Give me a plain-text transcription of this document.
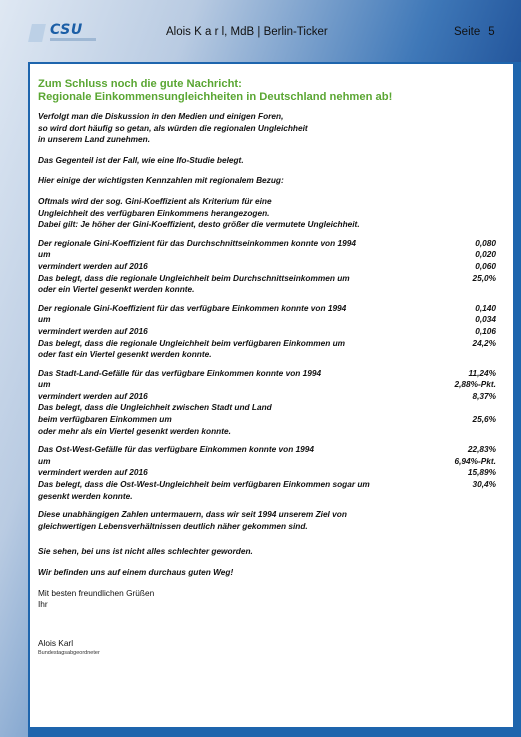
CSU	Alois K a r l, MdB | Berlin-Ticker	Seite 5
Zum Schluss noch die gute Nachricht:
Regionale Einkommensungleichheiten in Deutschland nehmen ab!

Verfolgt man die Diskussion in den Medien und einigen Foren,
so wird dort häufig so getan, als würden die regionalen Ungleichheit
in unserem Land zunehmen.

Das Gegenteil ist der Fall, wie eine Ifo-Studie belegt.

Hier einige der wichtigsten Kennzahlen mit regionalem Bezug:

Oftmals wird der sog. Gini-Koeffizient als Kriterium für eine
Ungleichheit des verfügbaren Einkommens herangezogen.
Dabei gilt: Je höher der Gini-Koeffizient, desto größer die vermutete Ungleichheit.

Der regionale Gini-Koeffizient für das Durchschnittseinkommen konnte von 1994	0,080
um	0,020
vermindert werden auf 2016	0,060
Das belegt, dass die regionale Ungleichheit beim Durchschnittseinkommen um	25,0%
oder ein Viertel gesenkt werden konnte.
Der regionale Gini-Koeffizient für das verfügbare Einkommen konnte von 1994	0,140
um	0,034
vermindert werden auf 2016	0,106
Das belegt, dass die regionale Ungleichheit beim verfügbaren Einkommen um	24,2%
oder fast ein Viertel gesenkt werden konnte.
Das Stadt-Land-Gefälle für das verfügbare Einkommen konnte von 1994	11,24%
um	2,88%-Pkt.
vermindert werden auf 2016	8,37%
Das belegt, dass die Ungleichheit zwischen Stadt und Land
beim verfügbaren Einkommen um	25,6%
oder mehr als ein Viertel gesenkt werden konnte.
Das Ost-West-Gefälle für das verfügbare Einkommen konnte von 1994	22,83%
um	6,94%-Pkt.
vermindert werden auf 2016	15,89%
Das belegt, dass die Ost-West-Ungleichheit beim verfügbaren Einkommen sogar um	30,4%
gesenkt werden konnte.

Diese unabhängigen Zahlen untermauern, dass wir seit 1994 unserem Ziel von
gleichwertigen Lebensverhältnissen deutlich näher gekommen sind.

Sie sehen, bei uns ist nicht alles schlechter geworden.

Wir befinden uns auf einem durchaus guten Weg!

Mit besten freundlichen Grüßen
Ihr

Alois Karl
Bundestagsabgeordneter
